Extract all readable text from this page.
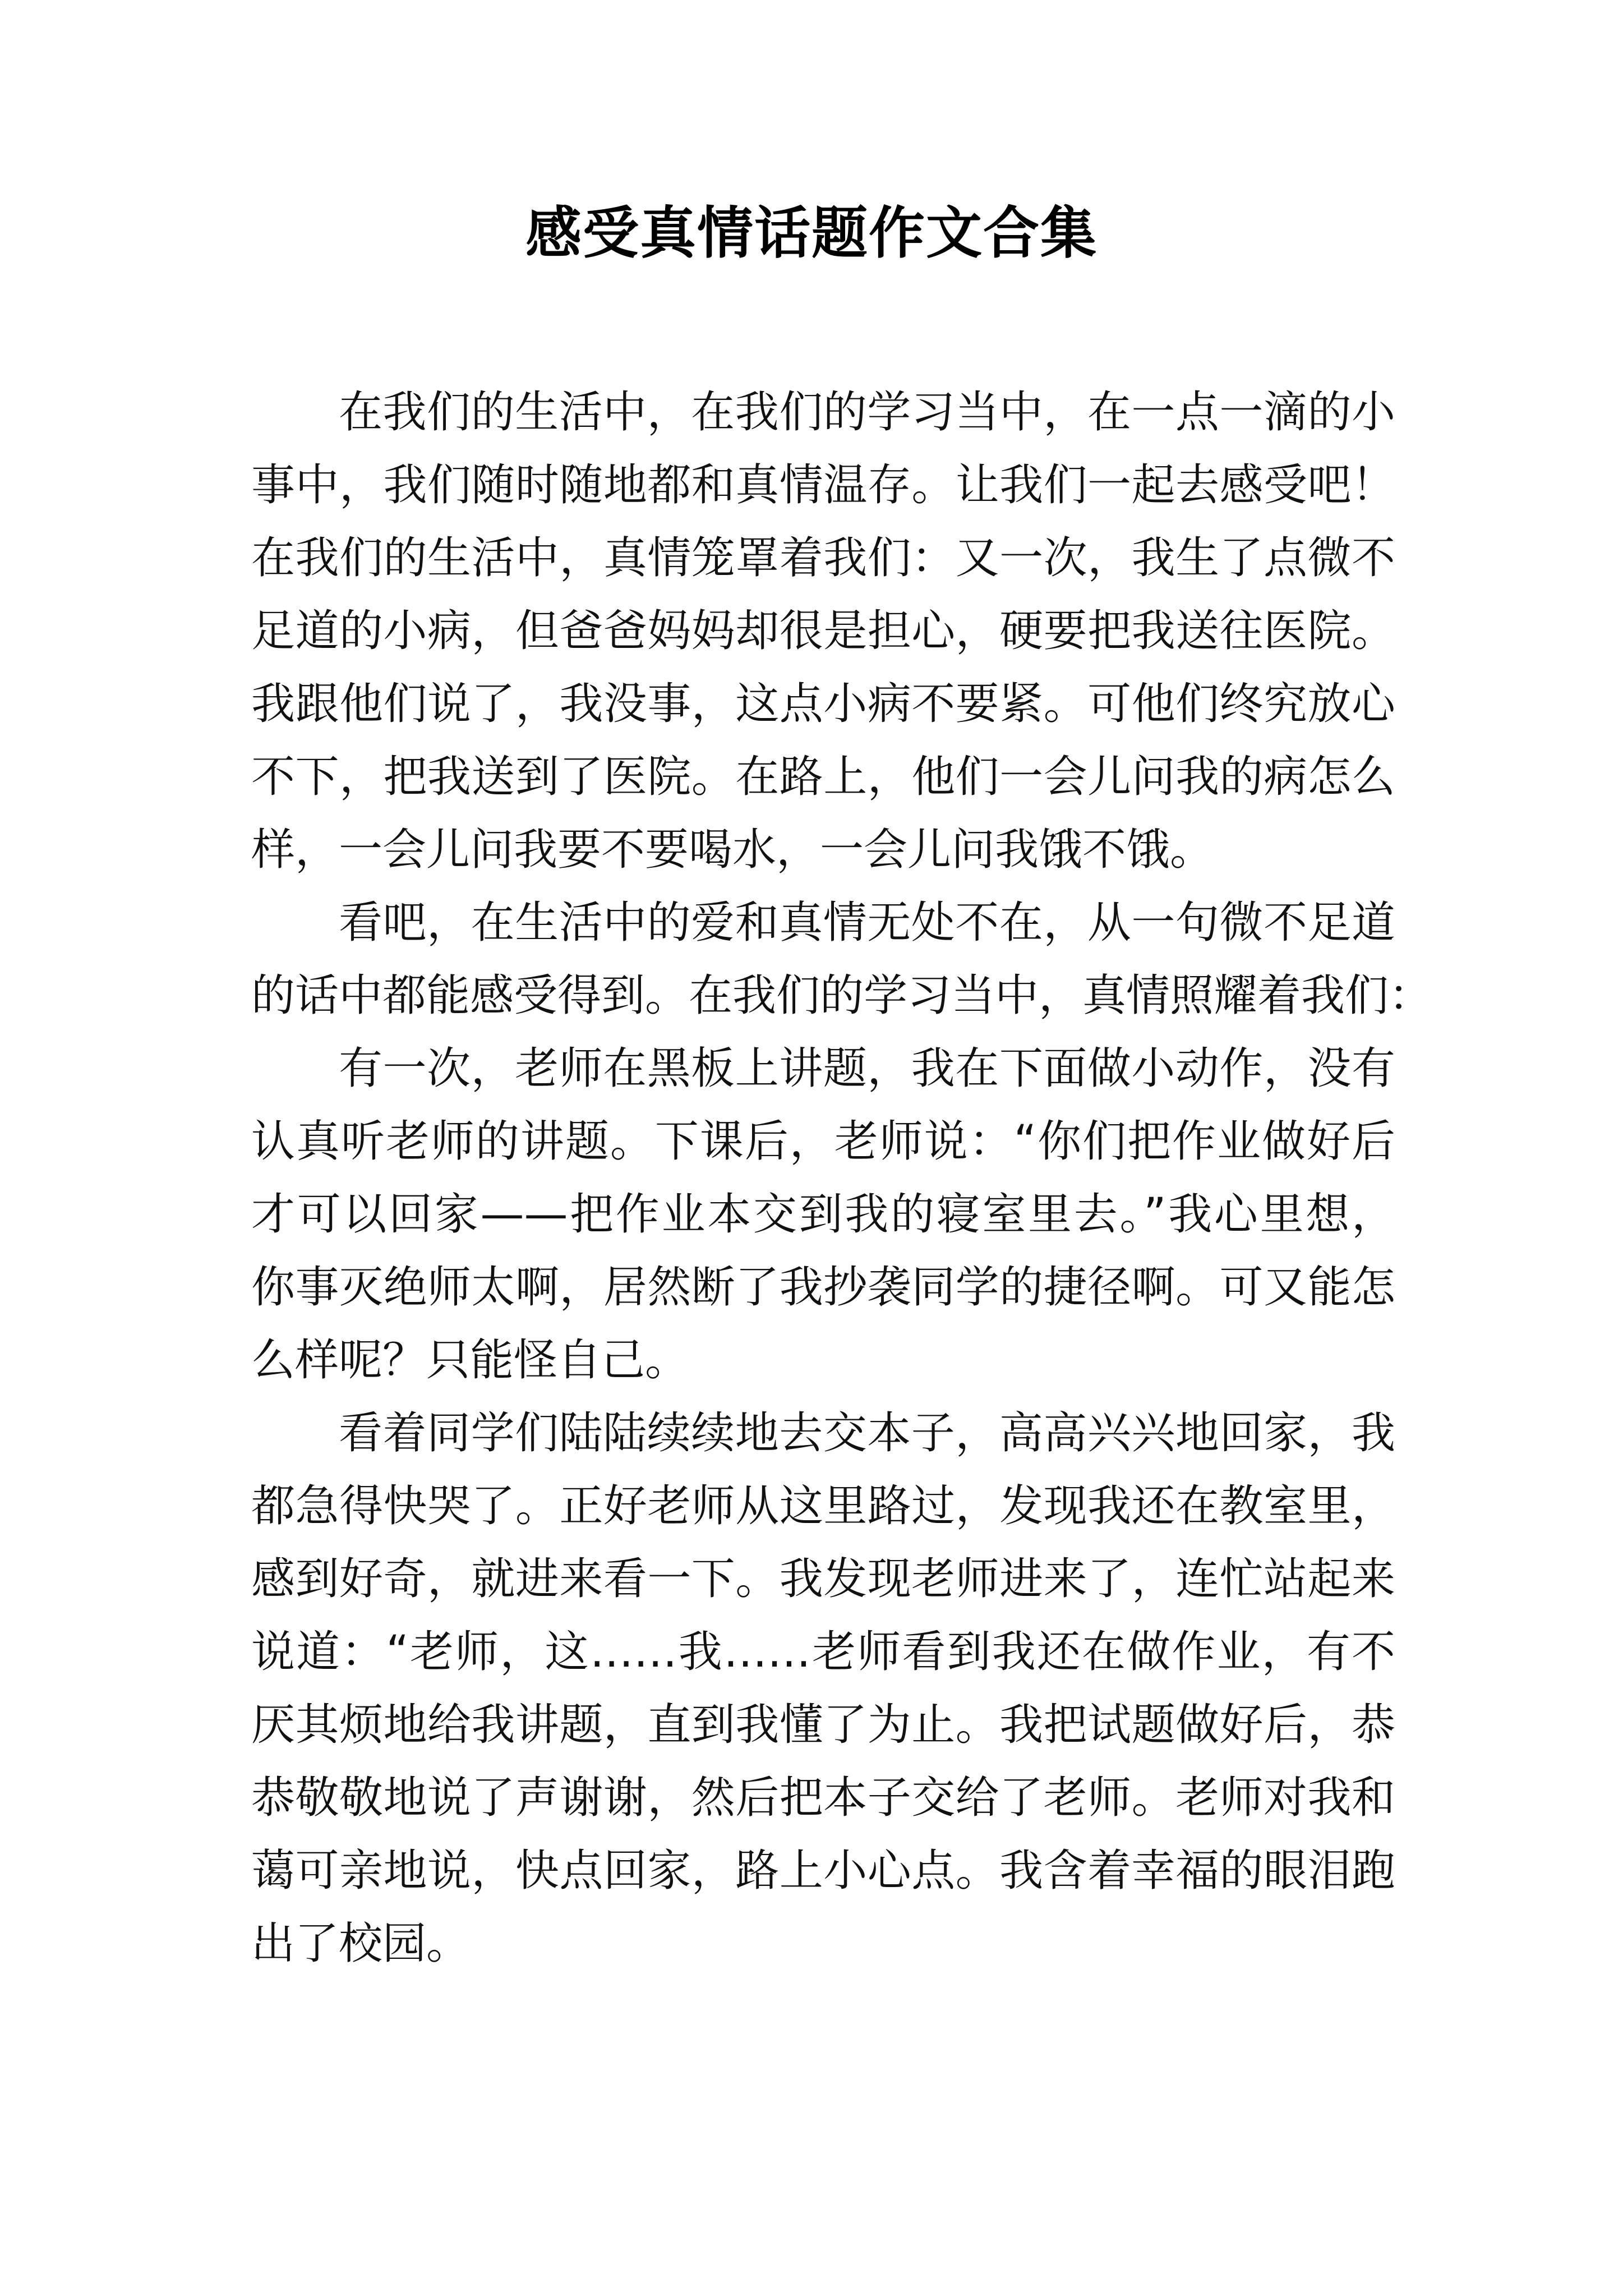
感受真情话题作文合集
在我们的生活中，在我们的学习当中，在一点一滴的小
事中，我们随时随地都和真情温存。让我们一起去感受吧！
在我们的生活中，真情笼罩着我们：又一次，我生了点微不
足道的小病，但爸爸妈妈却很是担心，硬要把我送往医院。
我跟他们说了，我没事，这点小病不要紧。可他们终究放心
不下，把我送到了医院。在路上，他们一会儿问我的病怎么
样，一会儿问我要不要喝水，一会儿问我饿不饿。
看吧，在生活中的爱和真情无处不在，从一句微不足道
的话中都能感受得到。在我们的学习当中，真情照耀着我们：
有一次，老师在黑板上讲题，我在下面做小动作，没有
认真听老师的讲题。下课后，老师说：“你们把作业做好后
才可以回家——把作业本交到我的寝室里去。”我心里想，
你事灭绝师太啊，居然断了我抄袭同学的捷径啊。可又能怎
么样呢？只能怪自己。
看着同学们陆陆续续地去交本子，高高兴兴地回家，我
都急得快哭了。正好老师从这里路过，发现我还在教室里，
感到好奇，就进来看一下。我发现老师进来了，连忙站起来
说道：“老师，这……我……老师看到我还在做作业，有不
厌其烦地给我讲题，直到我懂了为止。我把试题做好后，恭
恭敬敬地说了声谢谢，然后把本子交给了老师。老师对我和
蔼可亲地说，快点回家，路上小心点。我含着幸福的眼泪跑
出了校园。
